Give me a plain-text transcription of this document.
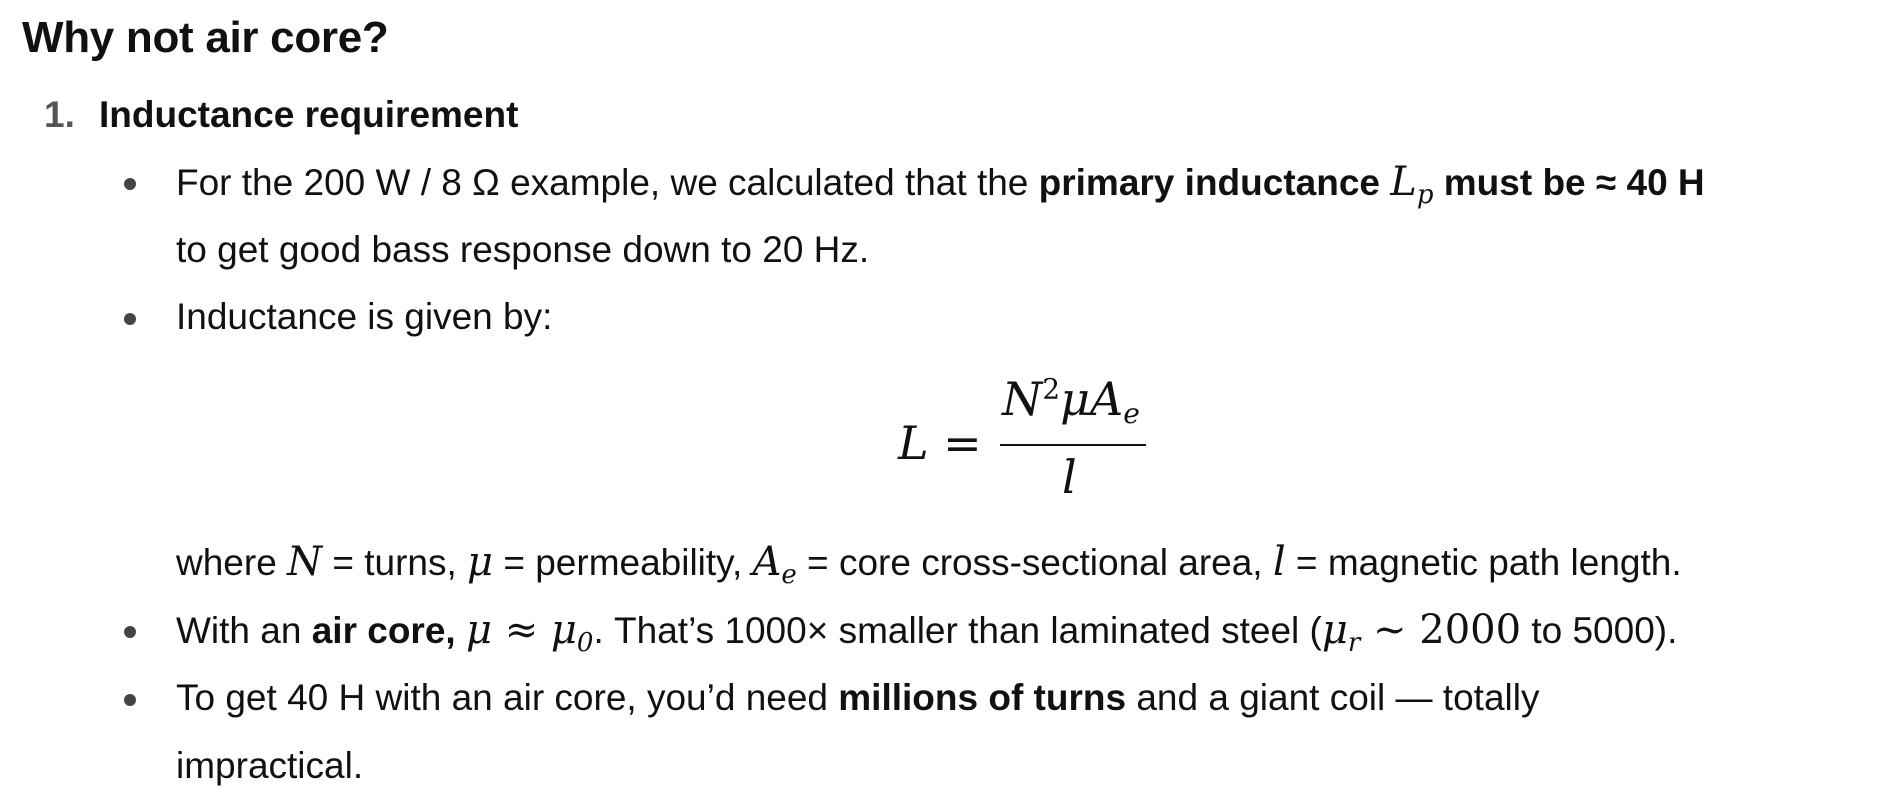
Why not air core?
1. Inductance requirement
For the 200 W / 8 Ω example, we calculated that the primary inductance $L_p$ must be ≈ 40 H
to get good bass response down to 20 Hz.
Inductance is given by:
L =
$N^2\mu Ae$
l
where N = turns, μ = permeability, $A_e$ = core cross-sectional area, l = magnetic path length.
With an air core, $\mu \approx \mu_0$. That’s 1000× smaller than laminated steel ($\mu_r$ ~ 2000 to 5000).
To get 40 H with an air core, you’d need millions of turns and a giant coil — totally
impractical.
